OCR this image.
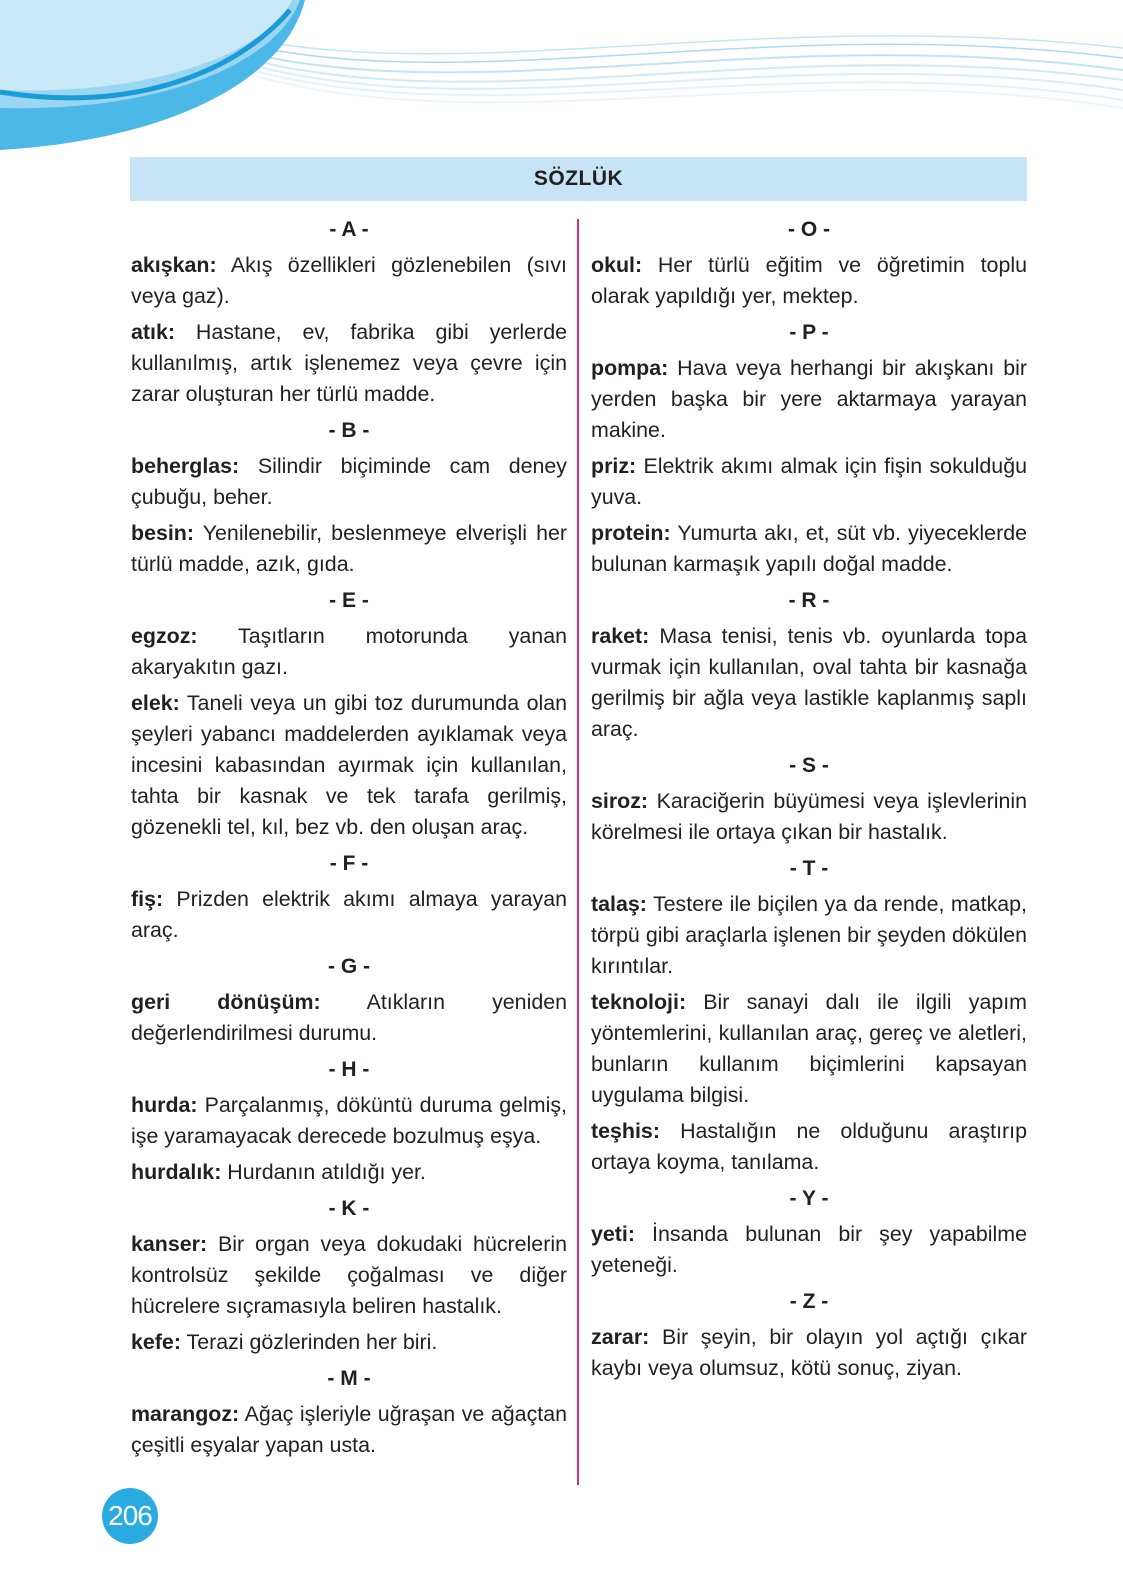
SÖZLÜK
- A -

akışkan: Akış özellikleri gözlenebilen (sıvı veya gaz).

atık: Hastane, ev, fabrika gibi yerlerde kullanılmış, artık işlenemez veya çevre için zarar oluşturan her türlü madde.

- B -

beherglas: Silindir biçiminde cam deney çubuğu, beher.

besin: Yenilenebilir, beslenmeye elverişli her türlü madde, azık, gıda.

- E -

egzoz: Taşıtların motorunda yanan akaryakıtın gazı.

elek: Taneli veya un gibi toz durumunda olan şeyleri yabancı maddelerden ayıklamak veya incesini kabasından ayırmak için kullanılan, tahta bir kasnak ve tek tarafa gerilmiş, gözenekli tel, kıl, bez vb. den oluşan araç.

- F -

fiş: Prizden elektrik akımı almaya yarayan araç.

- G -

geri dönüşüm: Atıkların yeniden değerlendirilmesi durumu.

- H -

hurda: Parçalanmış, döküntü duruma gelmiş, işe yaramayacak derecede bozulmuş eşya.

hurdalık: Hurdanın atıldığı yer.

- K -

kanser: Bir organ veya dokudaki hücrelerin kontrolsüz şekilde çoğalması ve diğer hücrelere sıçramasıyla beliren hastalık.

kefe: Terazi gözlerinden her biri.

- M -

marangoz: Ağaç işleriyle uğraşan ve ağaçtan çeşitli eşyalar yapan usta.

- O -

okul: Her türlü eğitim ve öğretimin toplu olarak yapıldığı yer, mektep.

- P -

pompa: Hava veya herhangi bir akışkanı bir yerden başka bir yere aktarmaya yarayan makine.

priz: Elektrik akımı almak için fişin sokulduğu yuva.

protein: Yumurta akı, et, süt vb. yiyeceklerde bulunan karmaşık yapılı doğal madde.

- R -

raket: Masa tenisi, tenis vb. oyunlarda topa vurmak için kullanılan, oval tahta bir kasnağa gerilmiş bir ağla veya lastikle kaplanmış saplı araç.

- S -

siroz: Karaciğerin büyümesi veya işlevlerinin körelmesi ile ortaya çıkan bir hastalık.

- T -

talaş: Testere ile biçilen ya da rende, matkap, törpü gibi araçlarla işlenen bir şeyden dökülen kırıntılar.

teknoloji: Bir sanayi dalı ile ilgili yapım yöntemlerini, kullanılan araç, gereç ve aletleri, bunların kullanım biçimlerini kapsayan uygulama bilgisi.

teşhis: Hastalığın ne olduğunu araştırıp ortaya koyma, tanılama.

- Y -

yeti: İnsanda bulunan bir şey yapabilme yeteneği.

- Z -

zarar: Bir şeyin, bir olayın yol açtığı çıkar kaybı veya olumsuz, kötü sonuç, ziyan.

206
